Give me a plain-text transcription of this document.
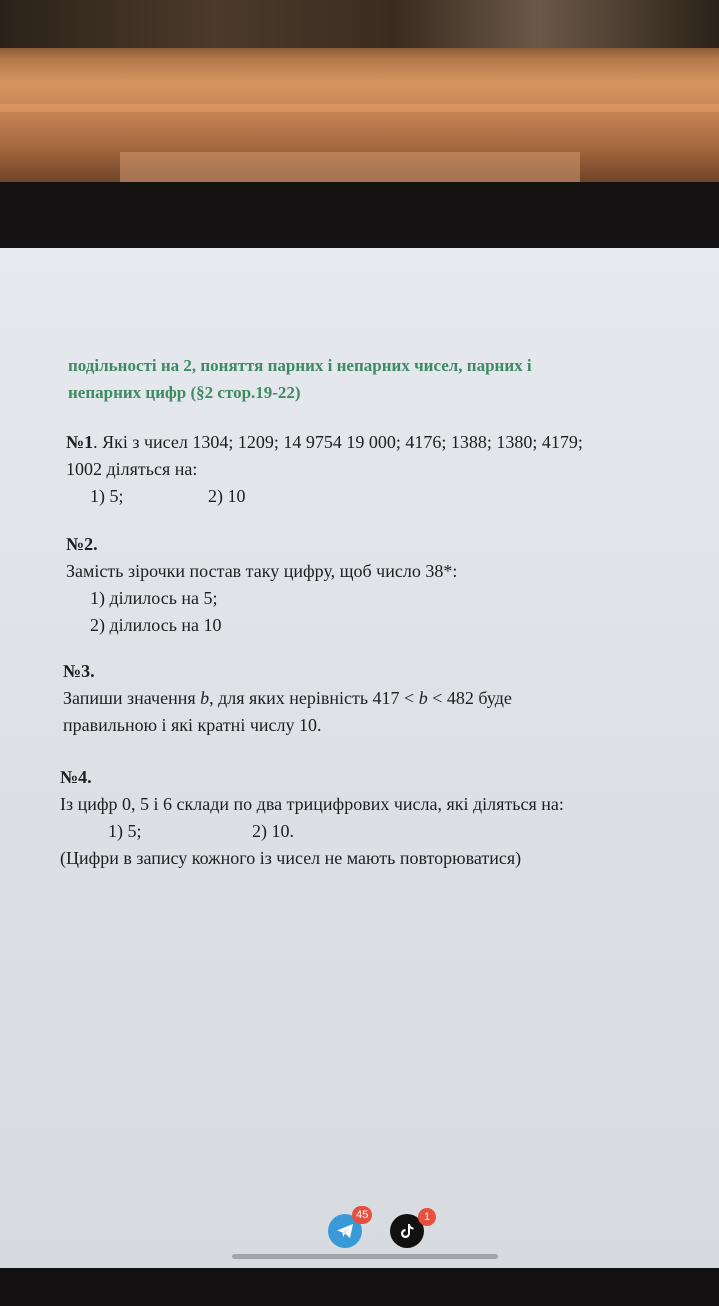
подільності на 2, поняття парних і непарних чисел, парних і
непарних цифр (§2 стор.19-22)
№1. Які з чисел 1304; 1209; 14 9754 19 000; 4176; 1388; 1380; 4179;
1002 діляться на:
1) 5;	2) 10
№2.
Замість зірочки постав таку цифру, щоб число 38*:
1) ділилось на 5;
2) ділилось на 10
№3.
Запиши значення b, для яких нерівність 417 < b < 482 буде
правильною і які кратні числу 10.
№4.
Із цифр 0, 5 і 6 склади по два трицифрових числа, які діляться на:
1) 5;	2) 10.
(Цифри в запису кожного із чисел не мають повторюватися)
45	1
